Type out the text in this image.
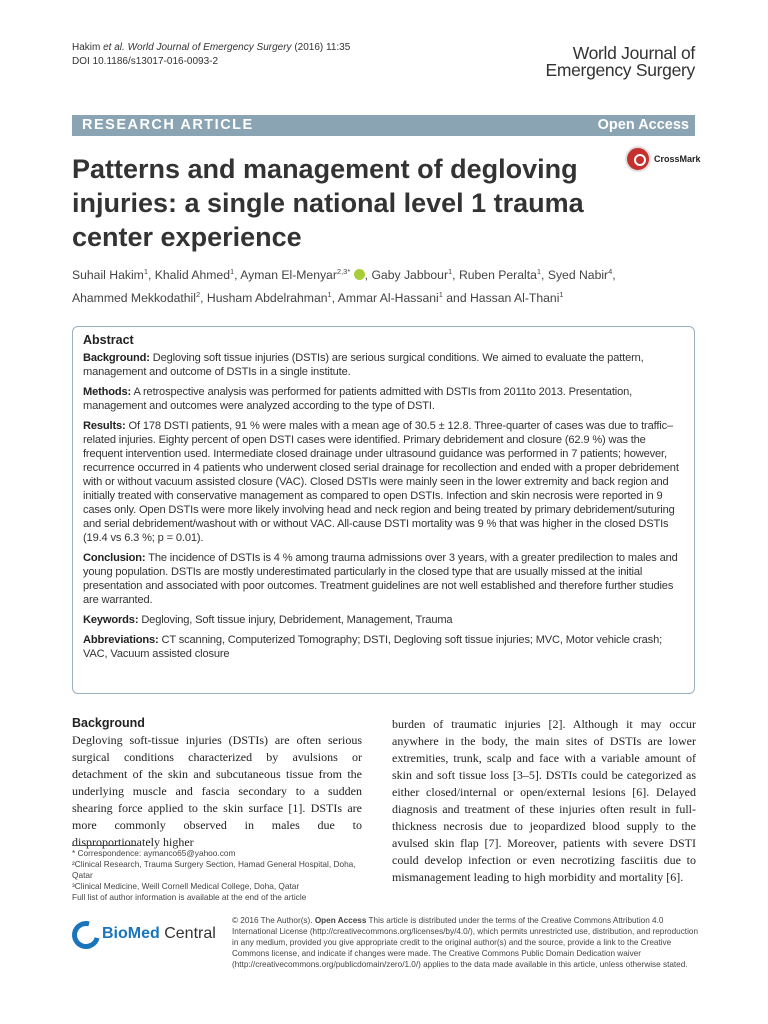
Hakim et al. World Journal of Emergency Surgery (2016) 11:35
DOI 10.1186/s13017-016-0093-2	World Journal of
Emergency Surgery
RESEARCH ARTICLE	Open Access
Patterns and management of degloving injuries: a single national level 1 trauma center experience
CrossMark
Suhail Hakim$^1$, Khalid Ahmed$^1$, Ayman El-Menyar$^{2,3*}$ , Gaby Jabbour$^1$, Ruben Peralta$^1$, Syed Nabir$^4$,
Ahammed Mekkodathil$^2$, Husham Abdelrahman$^1$, Ammar Al-Hassani$^1$ and Hassan Al-Thani$^1$
Abstract

Background: Degloving soft tissue injuries (DSTIs) are serious surgical conditions. We aimed to evaluate the pattern, management and outcome of DSTIs in a single institute.

Methods: A retrospective analysis was performed for patients admitted with DSTIs from 2011to 2013. Presentation, management and outcomes were analyzed according to the type of DSTI.

Results: Of 178 DSTI patients, 91 % were males with a mean age of 30.5 ± 12.8. Three-quarter of cases was due to traffic–related injuries. Eighty percent of open DSTI cases were identified. Primary debridement and closure (62.9 %) was the frequent intervention used. Intermediate closed drainage under ultrasound guidance was performed in 7 patients; however, recurrence occurred in 4 patients who underwent closed serial drainage for recollection and ended with a proper debridement with or without vacuum assisted closure (VAC). Closed DSTIs were mainly seen in the lower extremity and back region and initially treated with conservative management as compared to open DSTIs. Infection and skin necrosis were reported in 9 cases only. Open DSTIs were more likely involving head and neck region and being treated by primary debridement/suturing and serial debridement/washout with or without VAC. All-cause DSTI mortality was 9 % that was higher in the closed DSTIs (19.4 vs 6.3 %; p = 0.01).

Conclusion: The incidence of DSTIs is 4 % among trauma admissions over 3 years, with a greater predilection to males and young population. DSTIs are mostly underestimated particularly in the closed type that are usually missed at the initial presentation and associated with poor outcomes. Treatment guidelines are not well established and therefore further studies are warranted.

Keywords: Degloving, Soft tissue injury, Debridement, Management, Trauma

Abbreviations: CT scanning, Computerized Tomography; DSTI, Degloving soft tissue injuries; MVC, Motor vehicle crash; VAC, Vacuum assisted closure

Background

Degloving soft-tissue injuries (DSTIs) are often serious surgical conditions characterized by avulsions or detachment of the skin and subcutaneous tissue from the underlying muscle and fascia secondary to a sudden shearing force applied to the skin surface [1]. DSTIs are more commonly observed in males due to disproportionately higher

burden of traumatic injuries [2]. Although it may occur anywhere in the body, the main sites of DSTIs are lower extremities, trunk, scalp and face with a variable amount of skin and soft tissue loss [3–5]. DSTIs could be categorized as either closed/internal or open/external lesions [6]. Delayed diagnosis and treatment of these injuries often result in full-thickness necrosis due to jeopardized blood supply to the avulsed skin flap [7]. Moreover, patients with severe DSTI could develop infection or even necrotizing fasciitis due to mismanagement leading to high morbidity and mortality [6].

* Correspondence: aymanco65@yahoo.com
²Clinical Research, Trauma Surgery Section, Hamad General Hospital, Doha, Qatar
³Clinical Medicine, Weill Cornell Medical College, Doha, Qatar
Full list of author information is available at the end of the article
BioMed Central
© 2016 The Author(s). Open Access This article is distributed under the terms of the Creative Commons Attribution 4.0 International License (http://creativecommons.org/licenses/by/4.0/), which permits unrestricted use, distribution, and reproduction in any medium, provided you give appropriate credit to the original author(s) and the source, provide a link to the Creative Commons license, and indicate if changes were made. The Creative Commons Public Domain Dedication waiver (http://creativecommons.org/publicdomain/zero/1.0/) applies to the data made available in this article, unless otherwise stated.
